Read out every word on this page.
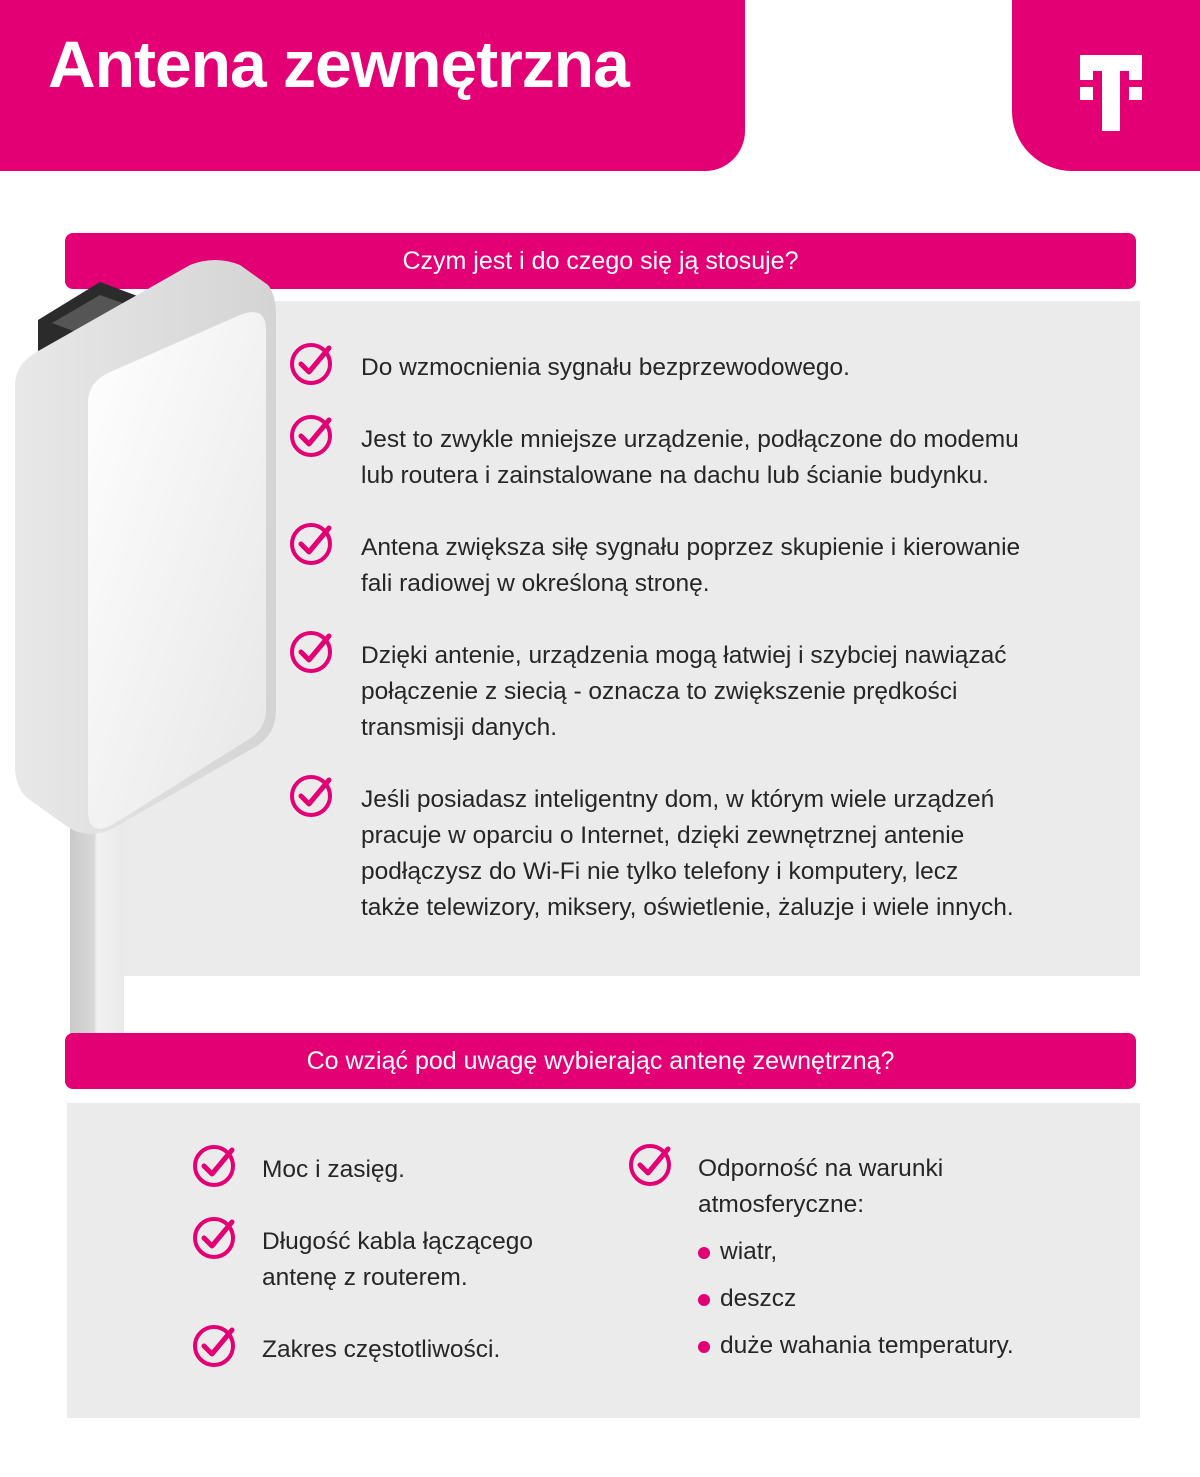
Antena zewnętrzna
Czym jest i do czego się ją stosuje?
Do wzmocnienia sygnału bezprzewodowego.
Jest to zwykle mniejsze urządzenie, podłączone do modemu
lub routera i zainstalowane na dachu lub ścianie budynku.
Antena zwiększa siłę sygnału poprzez skupienie i kierowanie
fali radiowej w określoną stronę.
Dzięki antenie, urządzenia mogą łatwiej i szybciej nawiązać
połączenie z siecią - oznacza to zwiększenie prędkości
transmisji danych.
Jeśli posiadasz inteligentny dom, w którym wiele urządzeń
pracuje w oparciu o Internet, dzięki zewnętrznej antenie
podłączysz do Wi-Fi nie tylko telefony i komputery, lecz
także telewizory, miksery, oświetlenie, żaluzje i wiele innych.
Co wziąć pod uwagę wybierając antenę zewnętrzną?
Moc i zasięg.
Długość kabla łączącego
antenę z routerem.
Zakres częstotliwości.
Odporność na warunki
atmosferyczne:
wiatr,
deszcz
duże wahania temperatury.
